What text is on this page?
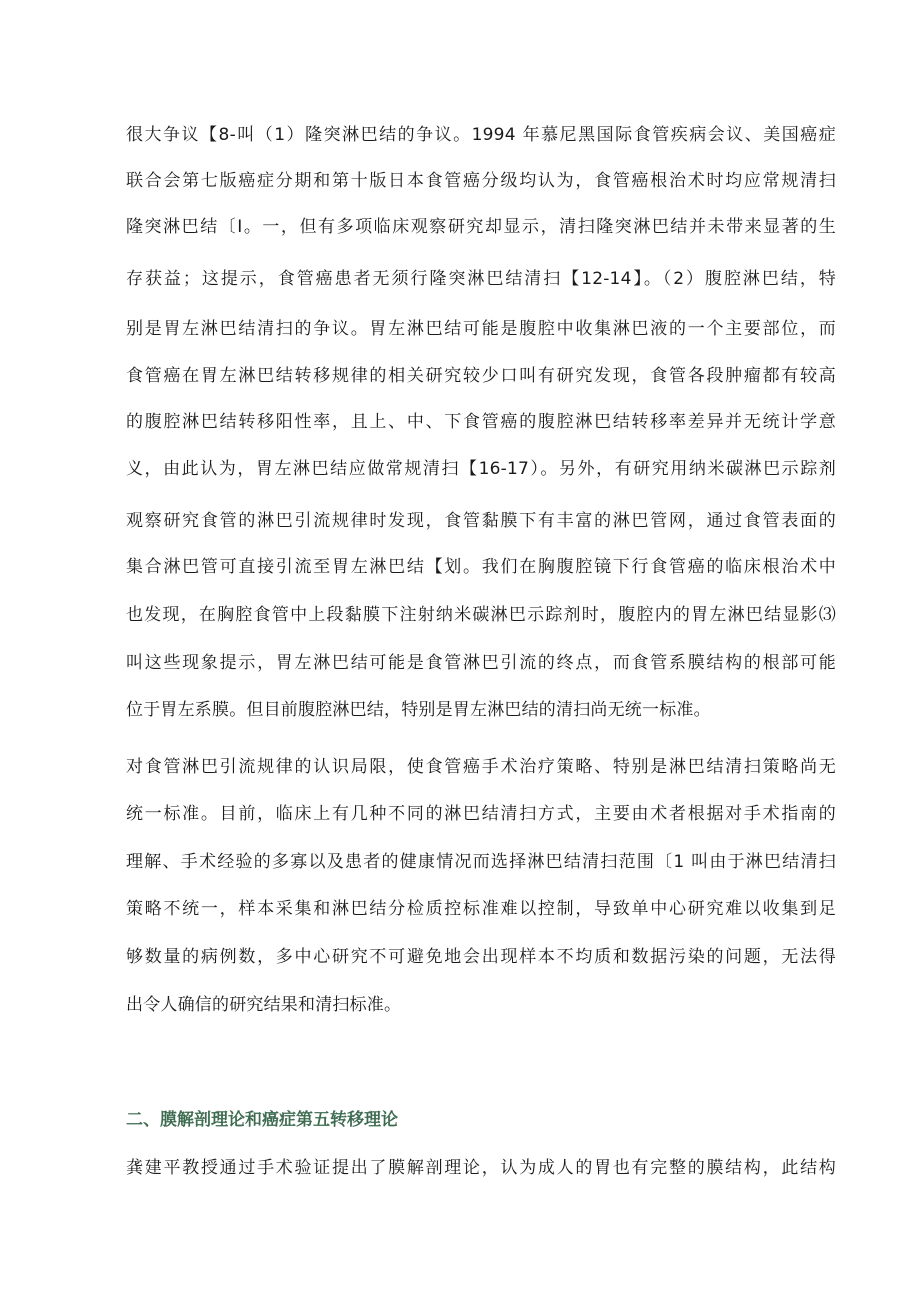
很大争议【8-叫（1）隆突淋巴结的争议。1994 年慕尼黑国际食管疾病会议、美国癌症
联合会第七版癌症分期和第十版日本食管癌分级均认为，食管癌根治术时均应常规清扫
隆突淋巴结〔I。一，但有多项临床观察研究却显示，清扫隆突淋巴结并未带来显著的生
存获益；这提示，食管癌患者无须行隆突淋巴结清扫【12-14】。（2）腹腔淋巴结，特
别是胃左淋巴结清扫的争议。胃左淋巴结可能是腹腔中收集淋巴液的一个主要部位，而
食管癌在胃左淋巴结转移规律的相关研究较少口叫有研究发现，食管各段肿瘤都有较高
的腹腔淋巴结转移阳性率，且上、中、下食管癌的腹腔淋巴结转移率差异并无统计学意
义，由此认为，胃左淋巴结应做常规清扫【16-17）。另外，有研究用纳米碳淋巴示踪剂
观察研究食管的淋巴引流规律时发现，食管黏膜下有丰富的淋巴管网，通过食管表面的
集合淋巴管可直接引流至胃左淋巴结【划。我们在胸腹腔镜下行食管癌的临床根治术中
也发现，在胸腔食管中上段黏膜下注射纳米碳淋巴示踪剂时，腹腔内的胃左淋巴结显影⑶
叫这些现象提示，胃左淋巴结可能是食管淋巴引流的终点，而食管系膜结构的根部可能
位于胃左系膜。但目前腹腔淋巴结，特别是胃左淋巴结的清扫尚无统一标准。
对食管淋巴引流规律的认识局限，使食管癌手术治疗策略、特别是淋巴结清扫策略尚无
统一标准。目前，临床上有几种不同的淋巴结清扫方式，主要由术者根据对手术指南的
理解、手术经验的多寡以及患者的健康情况而选择淋巴结清扫范围〔1 叫由于淋巴结清扫
策略不统一，样本采集和淋巴结分检质控标准难以控制，导致单中心研究难以收集到足
够数量的病例数，多中心研究不可避免地会出现样本不均质和数据污染的问题，无法得
出令人确信的研究结果和清扫标准。
二、膜解剖理论和癌症第五转移理论
龚建平教授通过手术验证提出了膜解剖理论，认为成人的胃也有完整的膜结构，此结构
